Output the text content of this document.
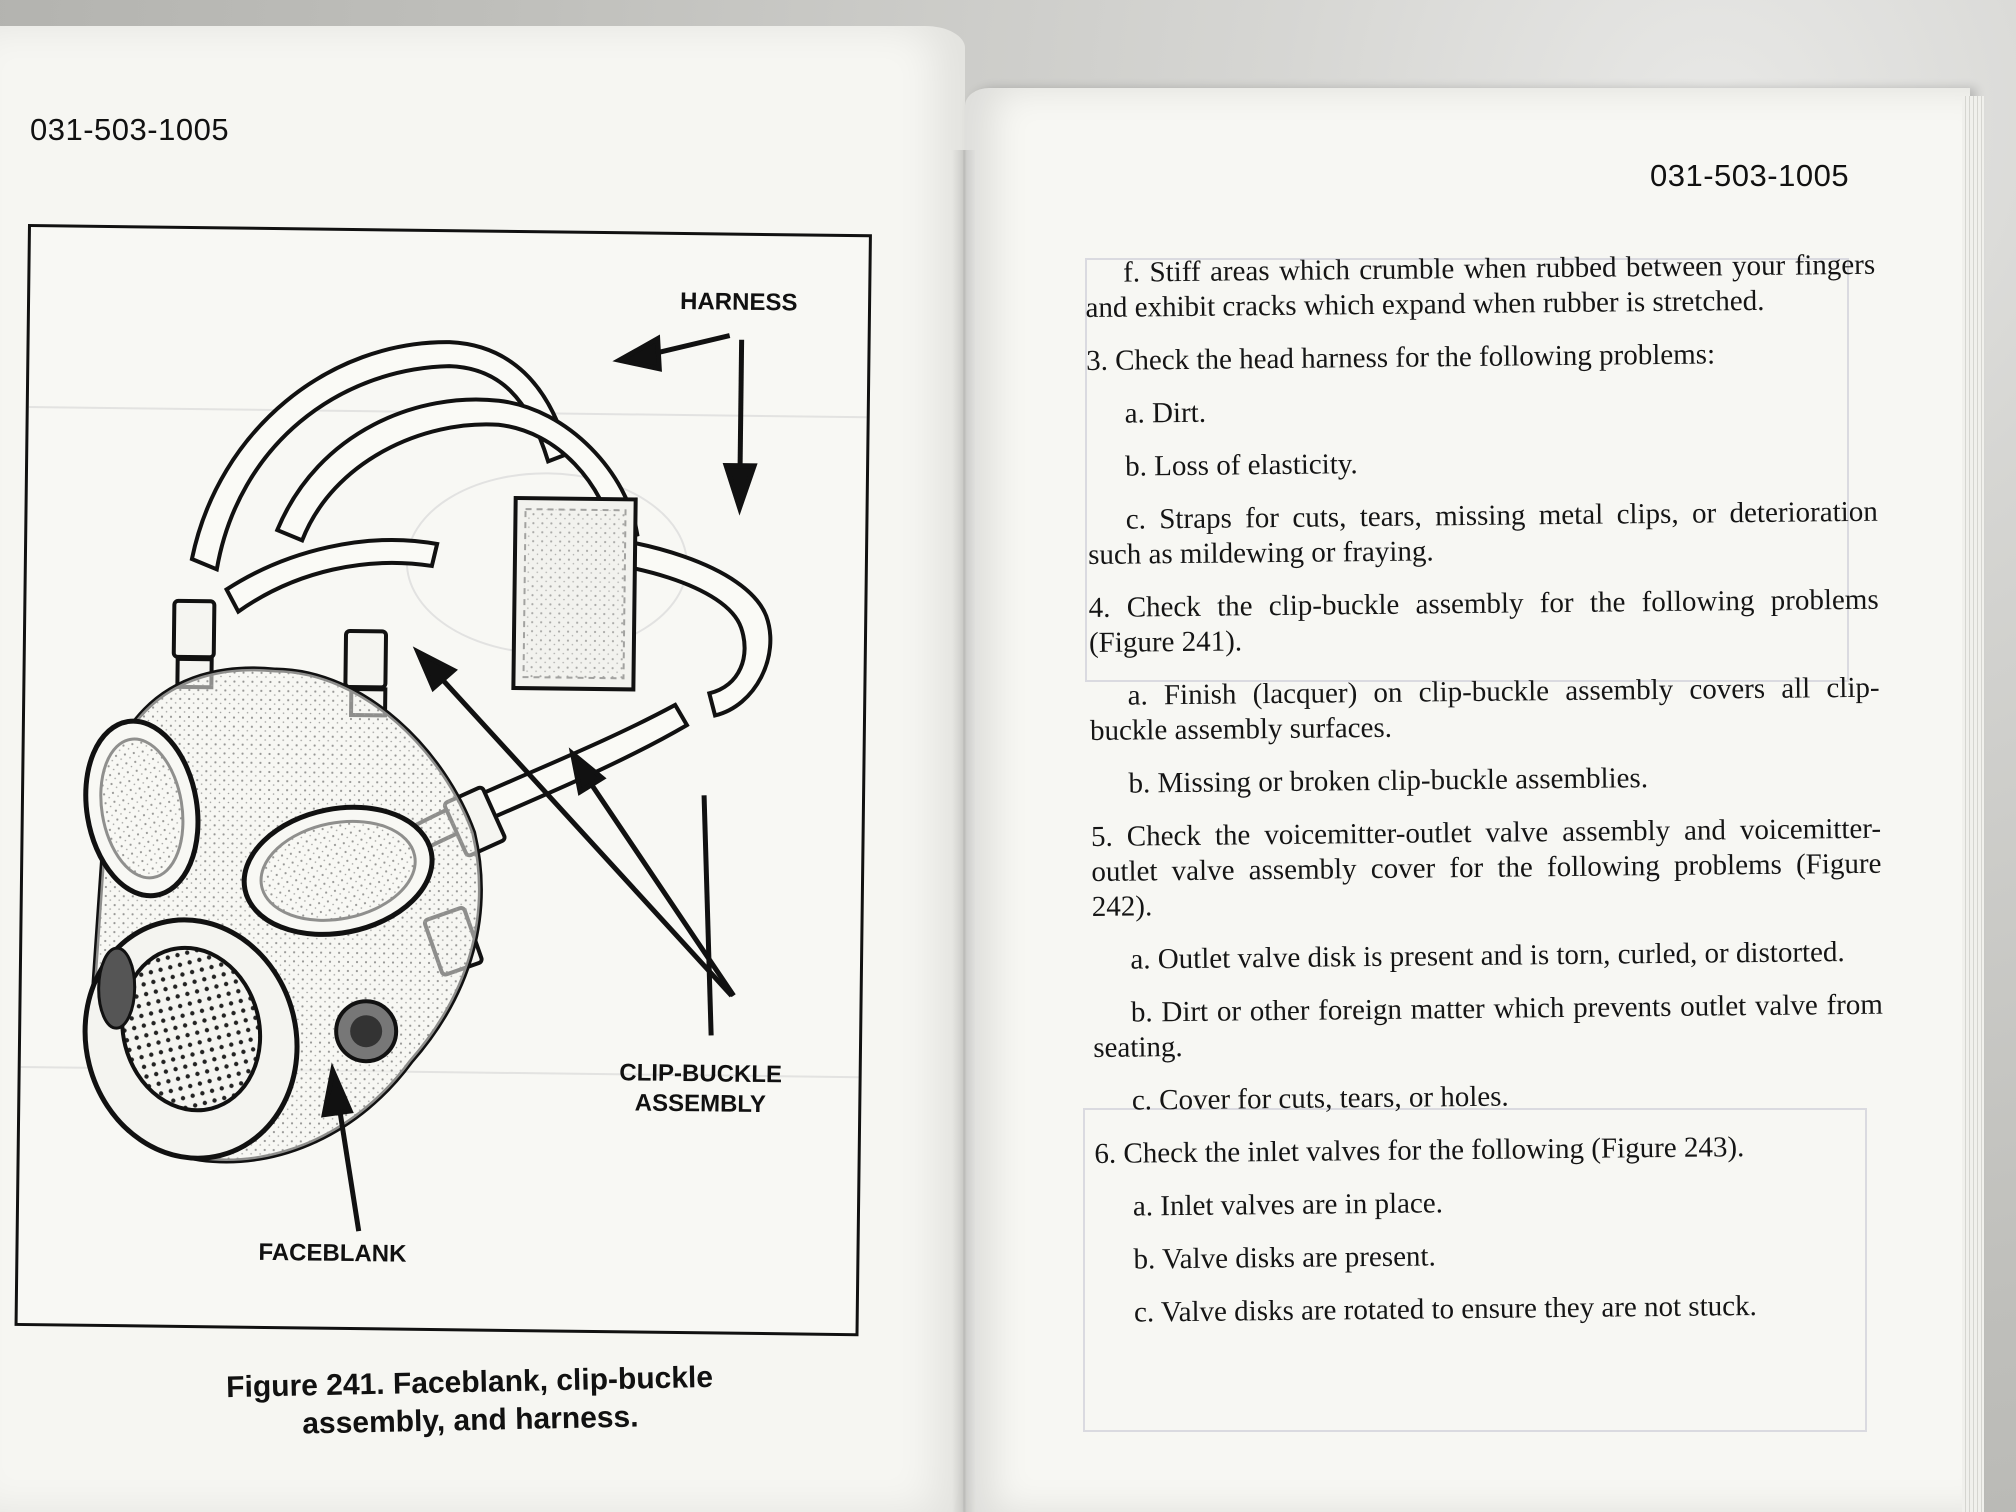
031-503-1005
HARNESS
CLIP-BUCKLE
ASSEMBLY
FACEBLANK
Figure 241. Faceblank, clip-buckle
assembly, and harness.
031-503-1005

f. Stiff areas which crumble when rubbed between your fingers and exhibit cracks which expand when rubber is stretched.

3. Check the head harness for the following problems:

a. Dirt.

b. Loss of elasticity.

c. Straps for cuts, tears, missing metal clips, or deterioration such as mildewing or fraying.

4. Check the clip-buckle assembly for the following problems (Figure 241).

a. Finish (lacquer) on clip-buckle assembly covers all clip-buckle assembly surfaces.

b. Missing or broken clip-buckle assemblies.

5. Check the voicemitter-outlet valve assembly and voicemitter-outlet valve assembly cover for the following problems (Figure 242).

a. Outlet valve disk is present and is torn, curled, or distorted.

b. Dirt or other foreign matter which prevents outlet valve from seating.

c. Cover for cuts, tears, or holes.

6. Check the inlet valves for the following (Figure 243).

a. Inlet valves are in place.

b. Valve disks are present.

c. Valve disks are rotated to ensure they are not stuck.
